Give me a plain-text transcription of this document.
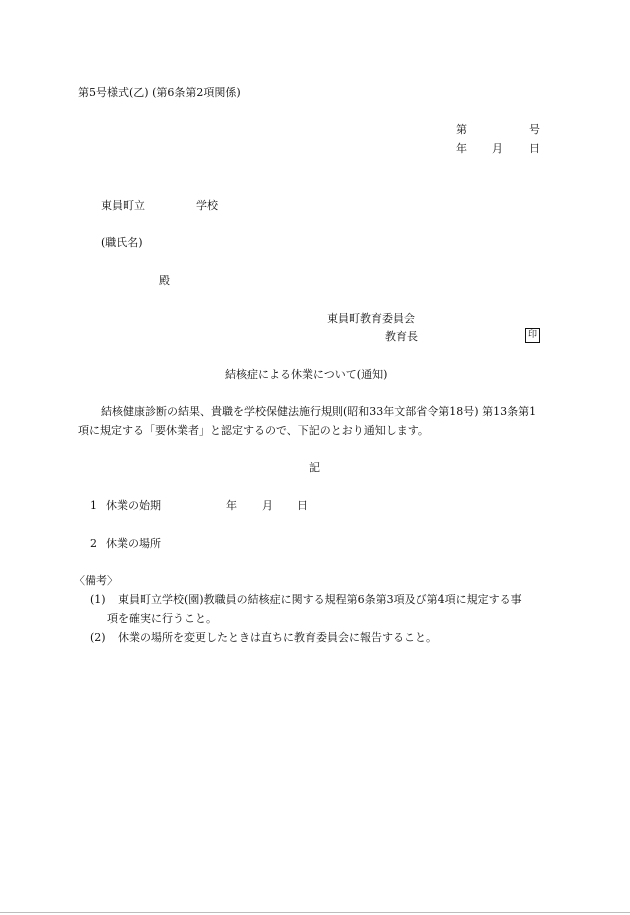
第5号様式(乙) (第6条第2項関係)
第	号
年 月 日
東員町立	学校
(職氏名)
殿
東員町教育委員会
教育長	印
結核症による休業について(通知)
結核健康診断の結果、貴職を学校保健法施行規則(昭和33年文部省令第18号) 第13条第1
項に規定する「要休業者」と認定するので、下記のとおり通知します。
記
1 休業の始期	年 月 日
2 休業の場所
〈備考〉
(1) 東員町立学校(園)教職員の結核症に関する規程第6条第3項及び第4項に規定する事
項を確実に行うこと。
(2) 休業の場所を変更したときは直ちに教育委員会に報告すること。
